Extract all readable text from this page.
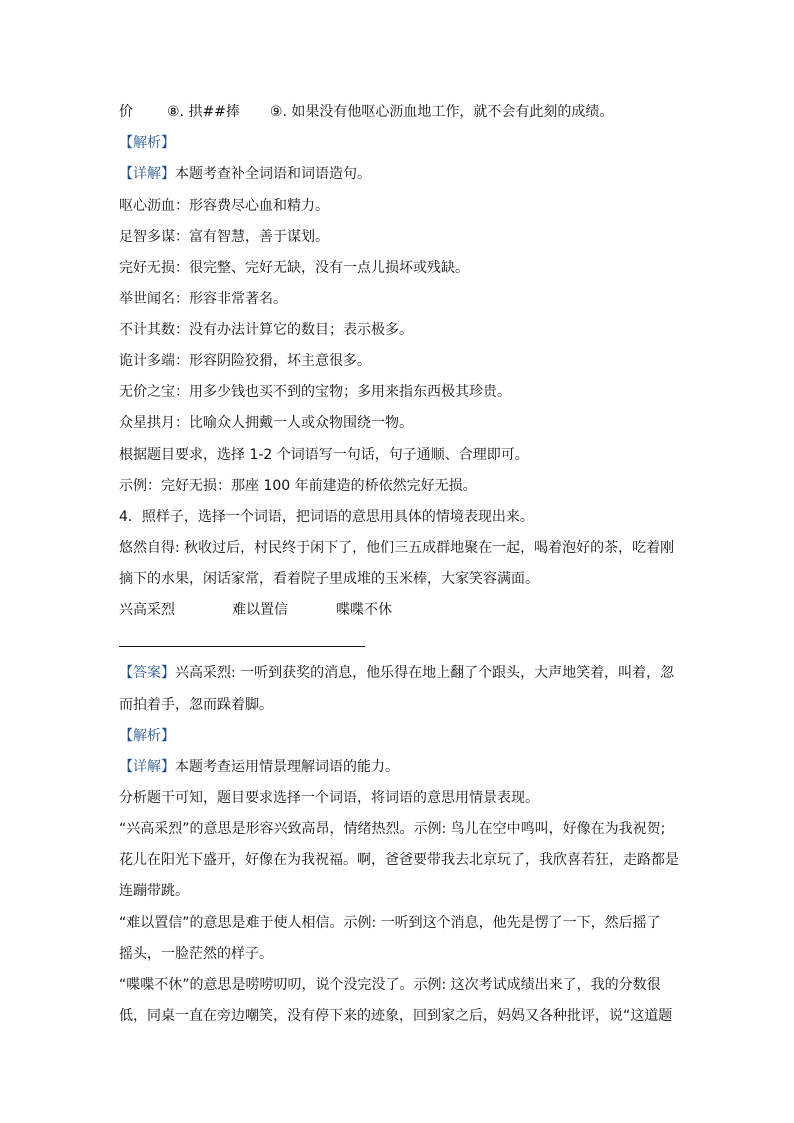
价 ⑧. 拱##捧 ⑨. 如果没有他呕心沥血地工作，就不会有此刻的成绩。
【解析】
【详解】本题考查补全词语和词语造句。
呕心沥血：形容费尽心血和精力。
足智多谋：富有智慧，善于谋划。
完好无损：很完整、完好无缺，没有一点儿损坏或残缺。
举世闻名：形容非常著名。
不计其数：没有办法计算它的数目；表示极多。
诡计多端：形容阴险狡猾，坏主意很多。
无价之宝：用多少钱也买不到的宝物；多用来指东西极其珍贵。
众星拱月：比喻众人拥戴一人或众物围绕一物。
根据题目要求，选择 1-2 个词语写一句话，句子通顺、合理即可。
示例：完好无损：那座 100 年前建造的桥依然完好无损。
4．照样子，选择一个词语，把词语的意思用具体的情境表现出来。
悠然自得: 秋收过后，村民终于闲下了，他们三五成群地聚在一起，喝着泡好的茶，吃着刚
摘下的水果，闲话家常，看着院子里成堆的玉米棒，大家笑容满面。
兴高采烈	难以置信	喋喋不休
【答案】兴高采烈: 一听到获奖的消息，他乐得在地上翻了个跟头，大声地笑着，叫着，忽
而拍着手，忽而跺着脚。
【解析】
【详解】本题考查运用情景理解词语的能力。
分析题干可知，题目要求选择一个词语，将词语的意思用情景表现。
“兴高采烈”的意思是形容兴致高昂，情绪热烈。示例: 鸟儿在空中鸣叫，好像在为我祝贺;
花儿在阳光下盛开，好像在为我祝福。啊，爸爸要带我去北京玩了，我欣喜若狂，走路都是
连蹦带跳。
“难以置信”的意思是难于使人相信。示例: 一听到这个消息，他先是愣了一下，然后摇了
摇头，一脸茫然的样子。
“喋喋不休”的意思是唠唠叨叨，说个没完没了。示例: 这次考试成绩出来了，我的分数很
低，同桌一直在旁边嘲笑，没有停下来的迹象，回到家之后，妈妈又各种批评，说“这道题
